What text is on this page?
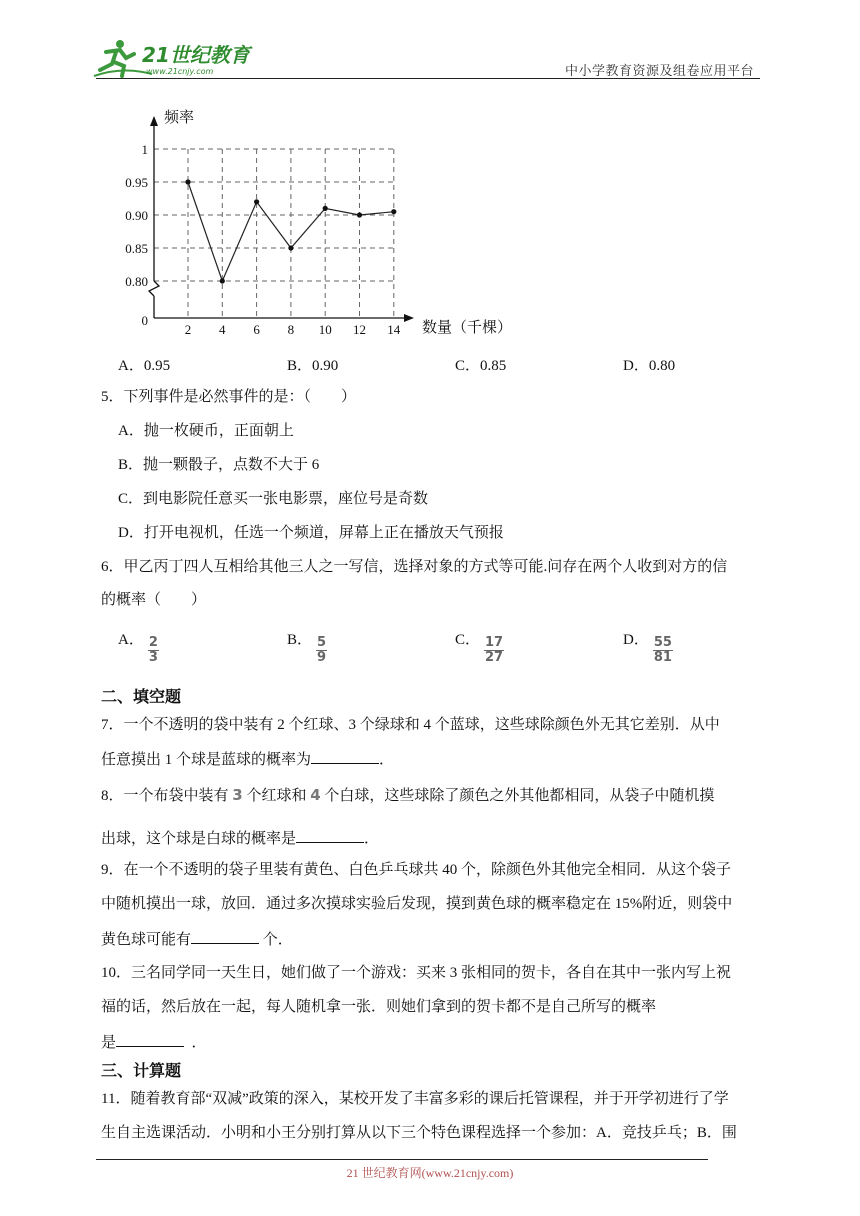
21世纪教育
www.21cnjy.com	中小学教育资源及组卷应用平台
1
0.95
0.90
0.85
0.80
0
2 4 6 8 10 12 14
频率
数量（千棵）
A．0.95	B．0.90	C．0.85	D．0.80
5．下列事件是必然事件的是：（　　）
A．抛一枚硬币，正面朝上
B．抛一颗骰子，点数不大于 6
C．到电影院任意买一张电影票，座位号是奇数
D．打开电视机，任选一个频道，屏幕上正在播放天气预报
6．甲乙丙丁四人互相给其他三人之一写信，选择对象的方式等可能.问存在两个人收到对方的信
的概率（　　）
A． $\frac{2}{3}$	B． $\frac{5}{9}$	C． $\frac{17}{27}$	D． $\frac{55}{81}$
二、填空题
7．一个不透明的袋中装有 2 个红球、3 个绿球和 4 个蓝球，这些球除颜色外无其它差别．从中
任意摸出 1 个球是蓝球的概率为	．
8．一个布袋中装有 3 个红球和 4 个白球，这些球除了颜色之外其他都相同，从袋子中随机摸
出球，这个球是白球的概率是	．
9．在一个不透明的袋子里装有黄色、白色乒乓球共 40 个，除颜色外其他完全相同．从这个袋子
中随机摸出一球，放回．通过多次摸球实验后发现，摸到黄色球的概率稳定在 15%附近，则袋中
黄色球可能有	个．
10．三名同学同一天生日，她们做了一个游戏：买来 3 张相同的贺卡，各自在其中一张内写上祝
福的话，然后放在一起，每人随机拿一张．则她们拿到的贺卡都不是自己所写的概率
是	．
三、计算题
11．随着教育部“双减”政策的深入，某校开发了丰富多彩的课后托管课程，并于开学初进行了学
生自主选课活动．小明和小王分别打算从以下三个特色课程选择一个参加：A．竞技乒乓；B．围
21 世纪教育网(www.21cnjy.com)
